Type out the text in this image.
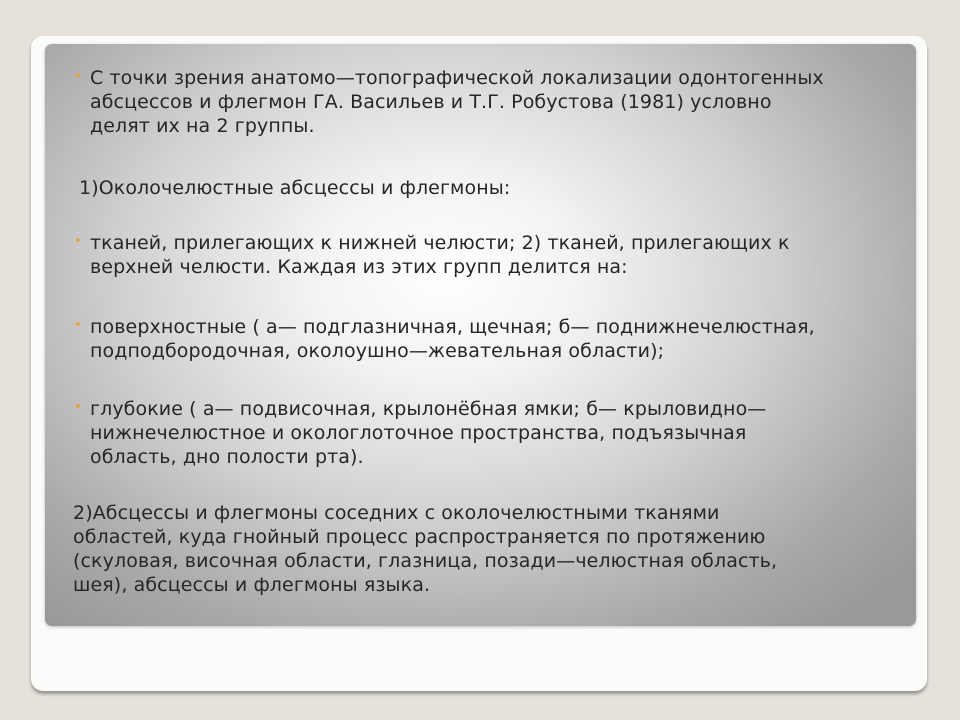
• С точки зрения анатомо—топографической локализации одонтогенных
абсцессов и флегмон ГА. Васильев и Т.Г. Робустова (1981) условно
делят их на 2 группы.
1)Околочелюстные абсцессы и флегмоны:
• тканей, прилегающих к нижней челюсти; 2) тканей, прилегающих к
верхней челюсти. Каждая из этих групп делится на:
• поверхностные ( а— подглазничная, щечная; б— поднижнечелюстная,
подподбородочная, околоушно—жевательная области);
• глубокие ( а— подвисочная, крылонёбная ямки; б— крыловидно—
нижнечелюстное и окологлоточное пространства, подъязычная
область, дно полости рта).
2)Абсцессы и флегмоны соседних с околочелюстными тканями
областей, куда гнойный процесс распространяется по протяжению
(скуловая, височная области, глазница, позади—челюстная область,
шея), абсцессы и флегмоны языка.
